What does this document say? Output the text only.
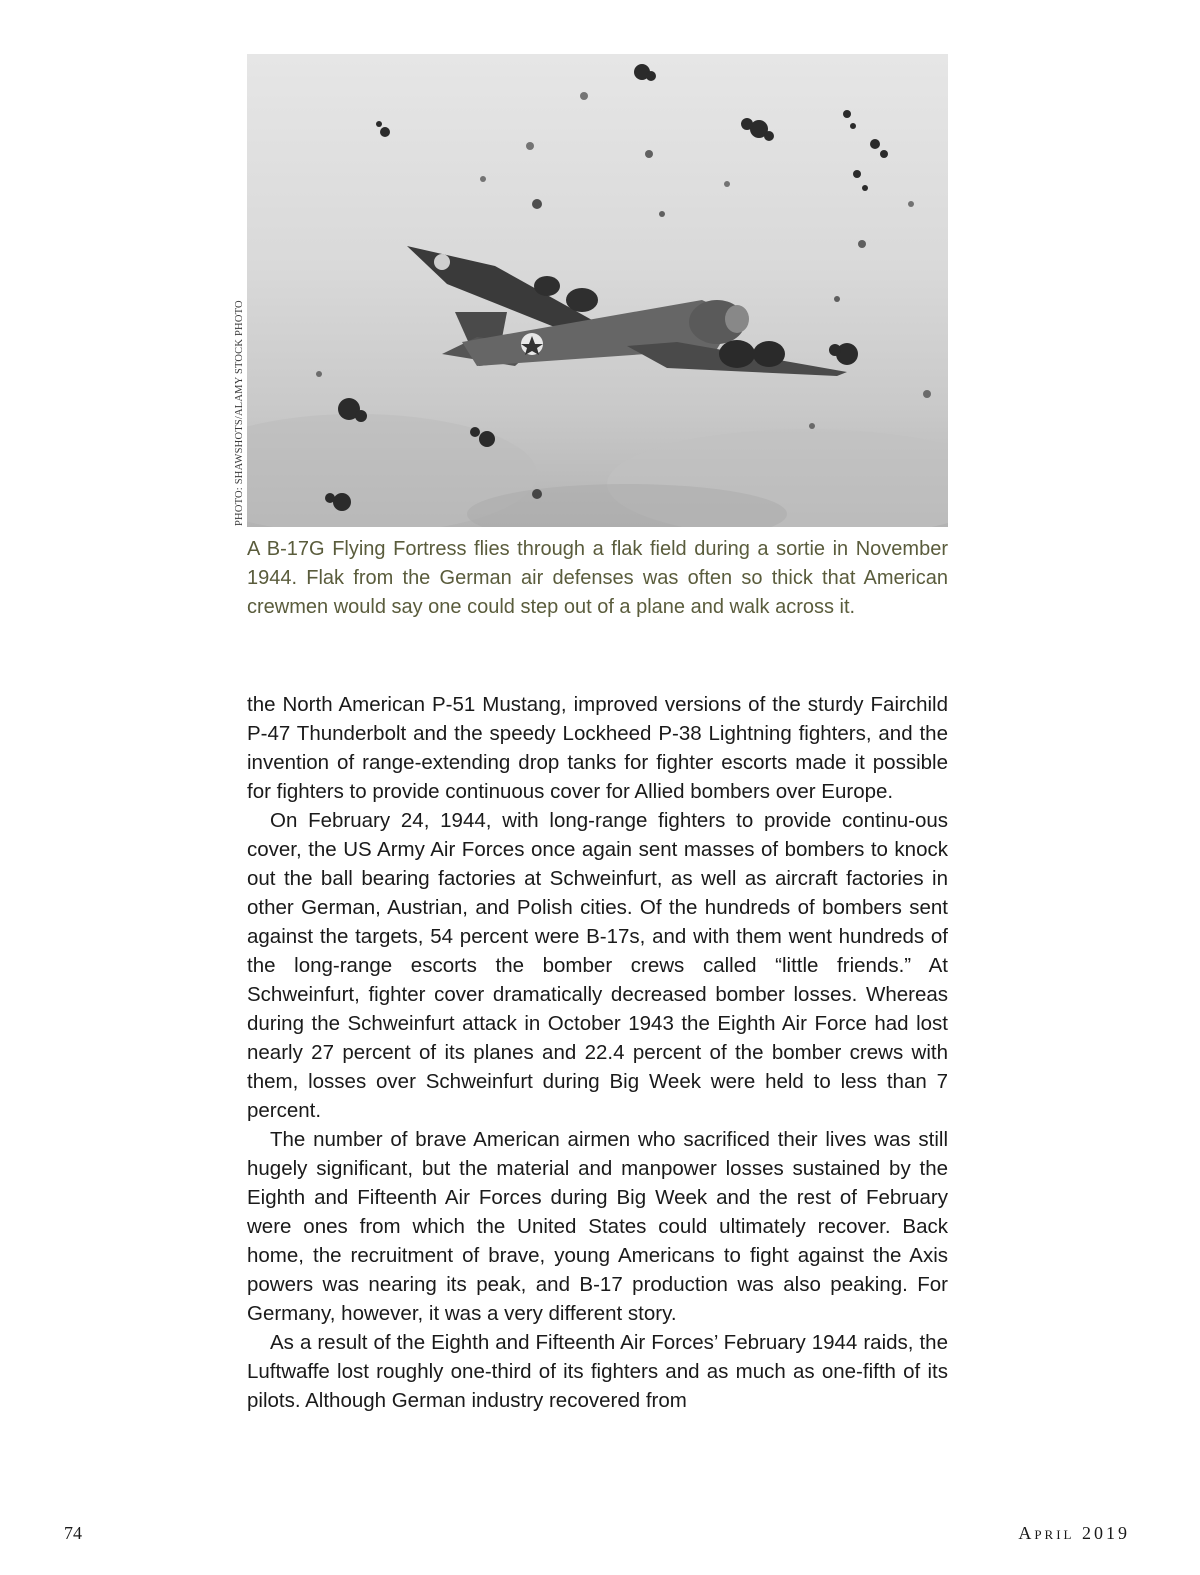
PHOTO: SHAWSHOTS/ALAMY STOCK PHOTO

A B-17G Flying Fortress flies through a flak field during a sortie in November 1944. Flak from the German air defenses was often so thick that American crewmen would say one could step out of a plane and walk across it.

the North American P-51 Mustang, improved versions of the sturdy Fairchild P-47 Thunderbolt and the speedy Lockheed P-38 Lightning fighters, and the invention of range-extending drop tanks for fighter escorts made it possible for fighters to provide continuous cover for Allied bombers over Europe.

On February 24, 1944, with long-range fighters to provide continu-ous cover, the US Army Air Forces once again sent masses of bombers to knock out the ball bearing factories at Schweinfurt, as well as aircraft factories in other German, Austrian, and Polish cities. Of the hundreds of bombers sent against the targets, 54 percent were B-17s, and with them went hundreds of the long-range escorts the bomber crews called “little friends.” At Schweinfurt, fighter cover dramatically decreased bomber losses. Whereas during the Schweinfurt attack in October 1943 the Eighth Air Force had lost nearly 27 percent of its planes and 22.4 percent of the bomber crews with them, losses over Schweinfurt during Big Week were held to less than 7 percent.

The number of brave American airmen who sacrificed their lives was still hugely significant, but the material and manpower losses sustained by the Eighth and Fifteenth Air Forces during Big Week and the rest of February were ones from which the United States could ultimately recover. Back home, the recruitment of brave, young Americans to fight against the Axis powers was nearing its peak, and B-17 production was also peaking. For Germany, however, it was a very different story.

As a result of the Eighth and Fifteenth Air Forces’ February 1944 raids, the Luftwaffe lost roughly one-third of its fighters and as much as one-fifth of its pilots. Although German industry recovered from

74	April 2019
